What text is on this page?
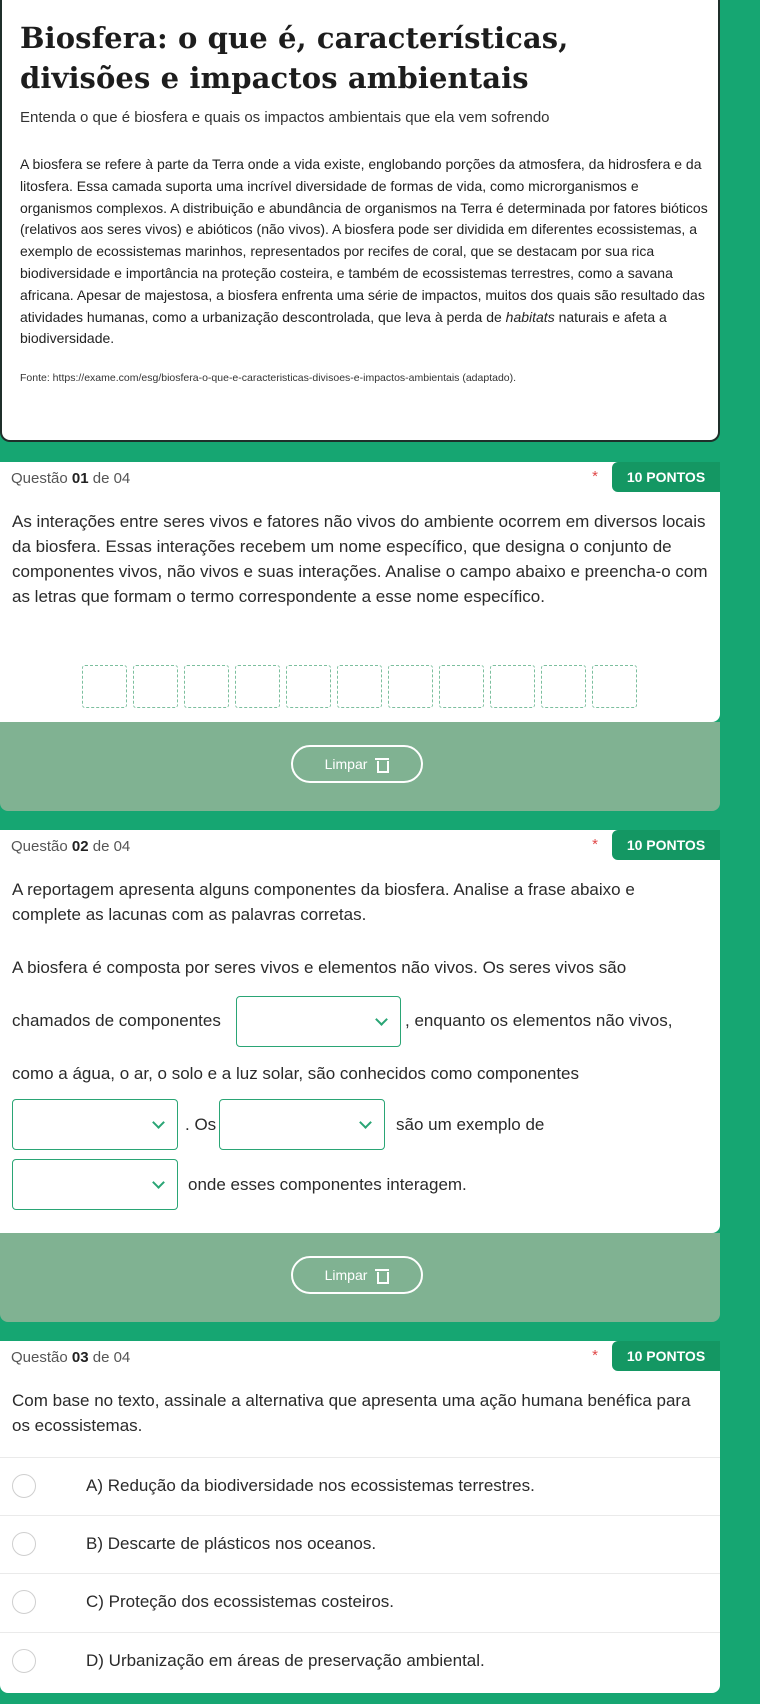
Biosfera: o que é, características, divisões e impactos ambientais

Entenda o que é biosfera e quais os impactos ambientais que ela vem sofrendo

A biosfera se refere à parte da Terra onde a vida existe, englobando porções da atmosfera, da hidrosfera e da litosfera. Essa camada suporta uma incrível diversidade de formas de vida, como microrganismos e organismos complexos. A distribuição e abundância de organismos na Terra é determinada por fatores bióticos (relativos aos seres vivos) e abióticos (não vivos). A biosfera pode ser dividida em diferentes ecossistemas, a exemplo de ecossistemas marinhos, representados por recifes de coral, que se destacam por sua rica biodiversidade e importância na proteção costeira, e também de ecossistemas terrestres, como a savana africana. Apesar de majestosa, a biosfera enfrenta uma série de impactos, muitos dos quais são resultado das atividades humanas, como a urbanização descontrolada, que leva à perda de habitats naturais e afeta a biodiversidade.

Fonte: https://exame.com/esg/biosfera-o-que-e-caracteristicas-divisoes-e-impactos-ambientais (adaptado).

Questão 01 de 04	*	10 PONTOS

As interações entre seres vivos e fatores não vivos do ambiente ocorrem em diversos locais da biosfera. Essas interações recebem um nome específico, que designa o conjunto de componentes vivos, não vivos e suas interações. Analise o campo abaixo e preencha-o com as letras que formam o termo correspondente a esse nome específico.

Limpar
Questão 02 de 04	*	10 PONTOS

A reportagem apresenta alguns componentes da biosfera. Analise a frase abaixo e complete as lacunas com as palavras corretas.

A biosfera é composta por seres vivos e elementos não vivos. Os seres vivos são
chamados de componentes	, enquanto os elementos não vivos,
como a água, o ar, o solo e a luz solar, são conhecidos como componentes
. Os	são um exemplo de
onde esses componentes interagem.
Limpar
Questão 03 de 04	*	10 PONTOS

Com base no texto, assinale a alternativa que apresenta uma ação humana benéfica para os ecossistemas.

A) Redução da biodiversidade nos ecossistemas terrestres.
B) Descarte de plásticos nos oceanos.
C) Proteção dos ecossistemas costeiros.
D) Urbanização em áreas de preservação ambiental.
